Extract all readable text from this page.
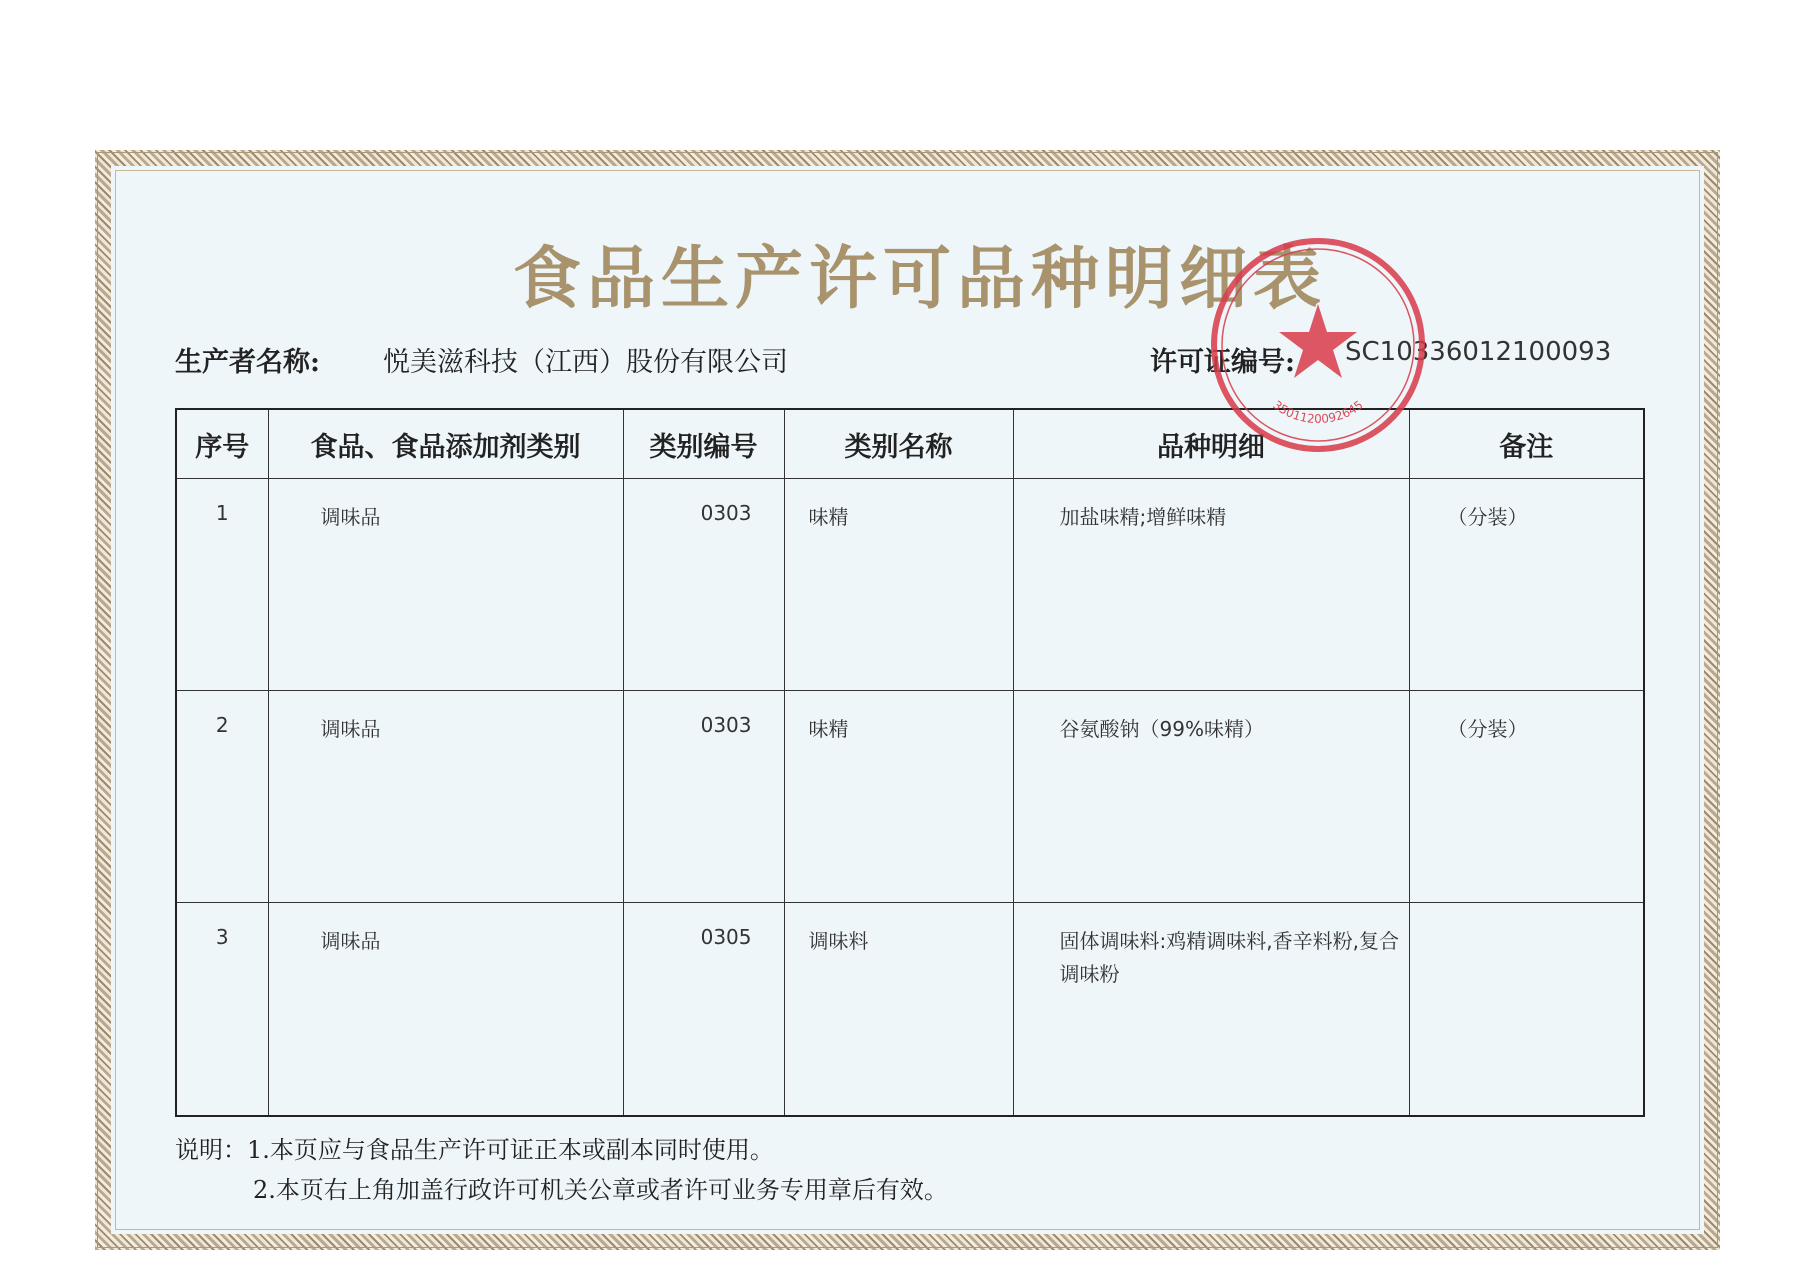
食品生产许可品种明细表
生产者名称: 悦美滋科技（江西）股份有限公司	许可证编号: SC10336012100093
序号	食品、食品添加剂类别	类别编号	类别名称	品种明细	备注
1	调味品	0303	味精	加盐味精;增鲜味精	（分装）
2	调味品	0303	味精	谷氨酸钠（99%味精）	（分装）
3	调味品	0305	调味料	固体调味料:鸡精调味料,香辛料粉,复合调味粉	
说明：1.本页应与食品生产许可证正本或副本同时使用。
2.本页右上角加盖行政许可机关公章或者许可业务专用章后有效。
3501120092645
